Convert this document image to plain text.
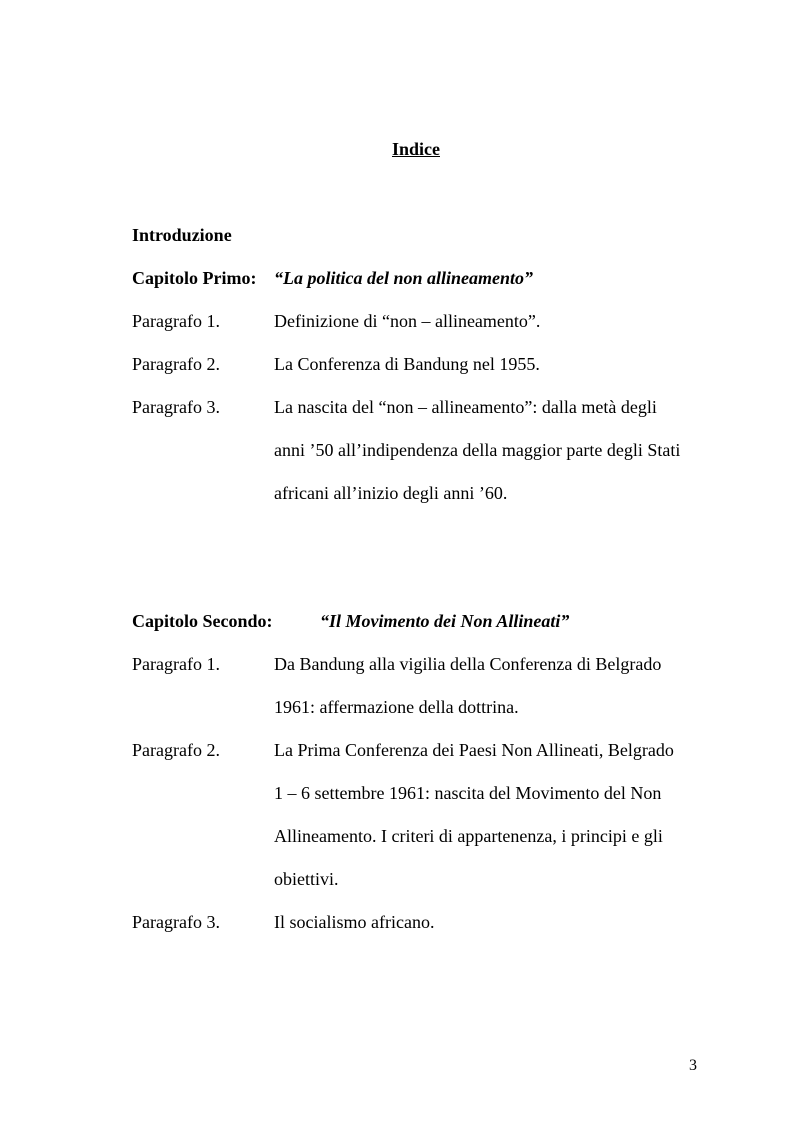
Indice
Introduzione
Capitolo Primo: “La politica del non allineamento”
Paragrafo 1.	Definizione di “non – allineamento”.
Paragrafo 2.	La Conferenza di Bandung nel 1955.
Paragrafo 3.	La nascita del “non – allineamento”: dalla metà degli
anni ’50 all’indipendenza della maggior parte degli Stati
africani all’inizio degli anni ’60.
Capitolo Secondo:	“Il Movimento dei Non Allineati”
Paragrafo 1.	Da Bandung alla vigilia della Conferenza di Belgrado
1961: affermazione della dottrina.
Paragrafo 2.	La Prima Conferenza dei Paesi Non Allineati, Belgrado
1 – 6 settembre 1961: nascita del Movimento del Non
Allineamento. I criteri di appartenenza, i principi e gli
obiettivi.
Paragrafo 3.	Il socialismo africano.
3
